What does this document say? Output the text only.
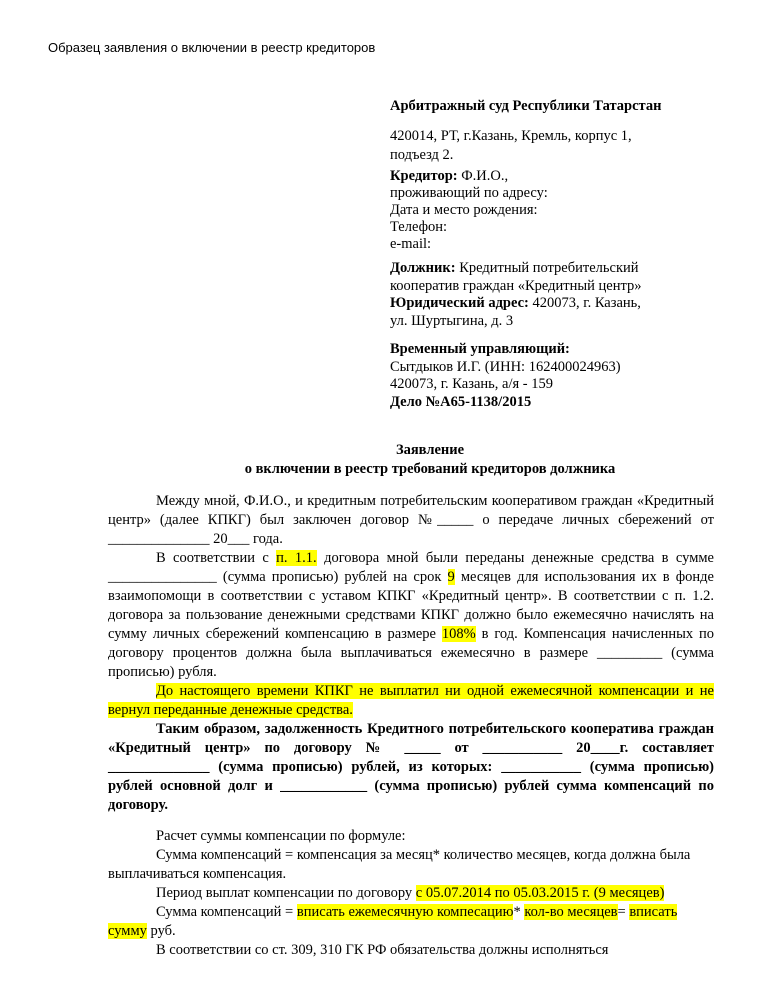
Образец заявления о включении в реестр кредиторов
Арбитражный суд Республики Татарстан
420014, РТ, г.Казань, Кремль, корпус 1,
подъезд 2.
Кредитор: Ф.И.О.,
проживающий по адресу:
Дата и место рождения:
Телефон:
e-mail:
Должник: Кредитный потребительский
кооператив граждан «Кредитный центр»
Юридический адрес: 420073, г. Казань,
ул. Шуртыгина, д. 3
Временный управляющий:
Сытдыков И.Г. (ИНН: 162400024963)
420073, г. Казань, а/я - 159
Дело №А65-1138/2015
Заявление
о включении в реестр требований кредиторов должника

Между мной, Ф.И.О., и кредитным потребительским кооперативом граждан «Кредитный центр» (далее КПКГ) был заключен договор №_____ о передаче личных сбережений от ______________ 20___ года.

В соответствии с п. 1.1. договора мной были переданы денежные средства в сумме _______________ (сумма прописью) рублей на срок 9 месяцев для использования их в фонде взаимопомощи в соответствии с уставом КПКГ «Кредитный центр». В соответствии с п. 1.2. договора за пользование денежными средствами КПКГ должно было ежемесячно начислять на сумму личных сбережений компенсацию в размере 108% в год. Компенсация начисленных по договору процентов должна была выплачиваться ежемесячно в размере _________ (сумма прописью) рубля.

До настоящего времени КПКГ не выплатил ни одной ежемесячной компенсации и не вернул переданные денежные средства.

Таким образом, задолженность Кредитного потребительского кооператива граждан «Кредитный центр» по договору № _____ от ___________ 20____г. составляет ______________ (сумма прописью) рублей, из которых: ___________ (сумма прописью) рублей основной долг и ____________ (сумма прописью) рублей сумма компенсаций по договору.

Расчет суммы компенсации по формуле:

Сумма компенсаций = компенсация за месяц* количество месяцев, когда должна была выплачиваться компенсация.

Период выплат компенсации по договору с 05.07.2014 по 05.03.2015 г. (9 месяцев)

Сумма компенсаций = вписать ежемесячную компесацию* кол-во месяцев= вписать сумму руб.

В соответствии со ст. 309, 310 ГК РФ обязательства должны исполняться
